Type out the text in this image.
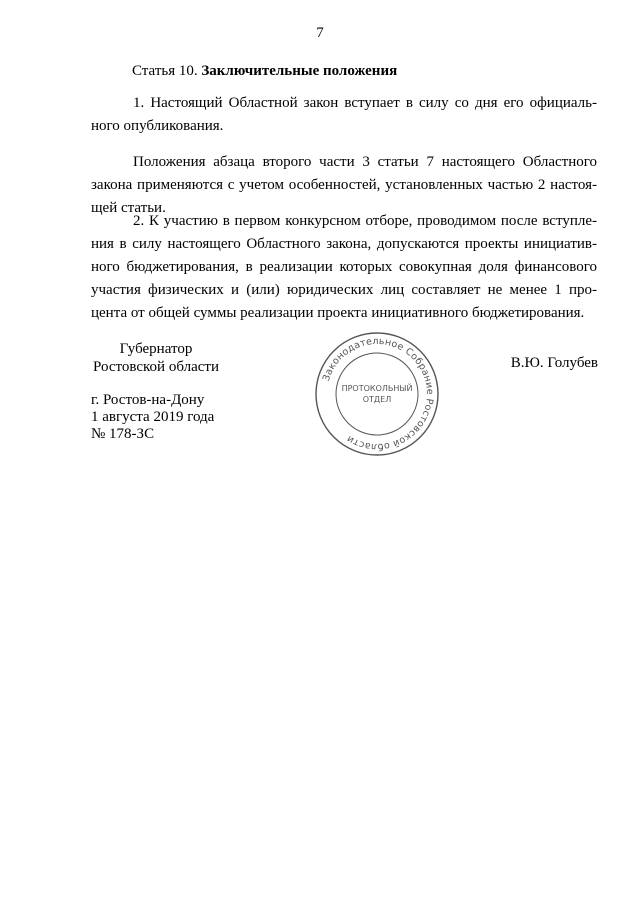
7
Статья 10. Заключительные положения
1. Настоящий Областной закон вступает в силу со дня его официаль-
ного опубликования.
Положения абзаца второго части 3 статьи 7 настоящего Областного
закона применяются с учетом особенностей, установленных частью 2 настоя-
щей статьи.
2. К участию в первом конкурсном отборе, проводимом после вступле-
ния в силу настоящего Областного закона, допускаются проекты инициатив-
ного бюджетирования, в реализации которых совокупная доля финансового
участия физических и (или) юридических лиц составляет не менее 1 про-
цента от общей суммы реализации проекта инициативного бюджетирования.
Губернатор
Ростовской области
г. Ростов-на-Дону
1 августа 2019 года
№ 178-ЗС
В.Ю. Голубев
Законодательное Собрание Ростовской области
ПРОТОКОЛЬНЫЙ
ОТДЕЛ
